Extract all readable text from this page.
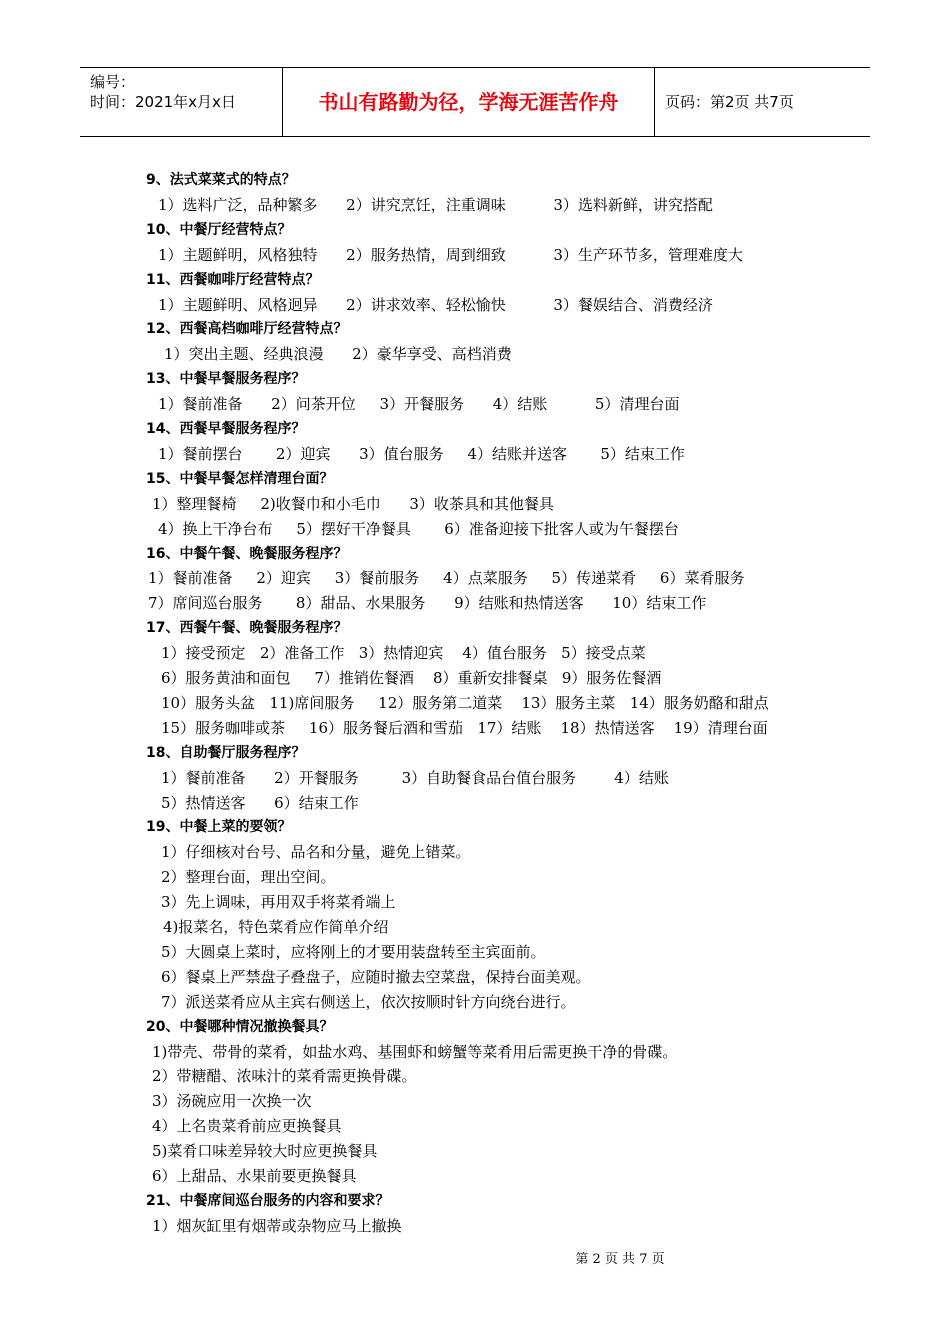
编号：
时间：2021年x月x日	书山有路勤为径，学海无涯苦作舟	页码：第2页 共7页
9、法式菜菜式的特点？
1）选料广泛，品种繁多      2）讲究烹饪，注重调味          3）选料新鲜，讲究搭配
10、中餐厅经营特点？
1）主题鲜明，风格独特      2）服务热情，周到细致          3）生产环节多，管理难度大
11、西餐咖啡厅经营特点？
1）主题鲜明、风格迥异      2）讲求效率、轻松愉快          3）餐娱结合、消费经济
12、西餐高档咖啡厅经营特点？
1）突出主题、经典浪漫      2）豪华享受、高档消费
13、中餐早餐服务程序？
1）餐前准备      2）问茶开位     3）开餐服务      4）结账          5）清理台面
14、西餐早餐服务程序？
1）餐前摆台       2）迎宾      3）值台服务     4）结账并送客       5）结束工作
15、中餐早餐怎样清理台面？
1）整理餐椅     2)收餐巾和小毛巾      3）收茶具和其他餐具
4）换上干净台布     5）摆好干净餐具       6）准备迎接下批客人或为午餐摆台
16、中餐午餐、晚餐服务程序？
1）餐前准备     2）迎宾     3）餐前服务     4）点菜服务     5）传递菜肴     6）菜肴服务
7）席间巡台服务       8）甜品、水果服务      9）结账和热情送客      10）结束工作
17、西餐午餐、晚餐服务程序？
1）接受预定   2）准备工作   3）热情迎宾    4）值台服务   5）接受点菜
6）服务黄油和面包     7）推销佐餐酒    8）重新安排餐桌   9）服务佐餐酒
10）服务头盆   11)席间服务     12）服务第二道菜    13）服务主菜   14）服务奶酪和甜点
15）服务咖啡或茶     16）服务餐后酒和雪茄   17）结账    18）热情送客    19）清理台面
18、自助餐厅服务程序？
1）餐前准备      2）开餐服务         3）自助餐食品台值台服务        4）结账
5）热情送客      6）结束工作
19、中餐上菜的要领？
1）仔细核对台号、品名和分量，避免上错菜。
2）整理台面，理出空间。
3）先上调味，再用双手将菜肴端上
4)报菜名，特色菜肴应作简单介绍
5）大圆桌上菜时，应将刚上的才要用装盘转至主宾面前。
6）餐桌上严禁盘子叠盘子，应随时撤去空菜盘，保持台面美观。
7）派送菜肴应从主宾右侧送上，依次按顺时针方向绕台进行。
20、中餐哪种情况撤换餐具？
1)带壳、带骨的菜肴，如盐水鸡、基围虾和螃蟹等菜肴用后需更换干净的骨碟。
2）带糖醋、浓味汁的菜肴需更换骨碟。
3）汤碗应用一次换一次
4）上名贵菜肴前应更换餐具
5)菜肴口味差异较大时应更换餐具
6）上甜品、水果前要更换餐具
21、中餐席间巡台服务的内容和要求？
1）烟灰缸里有烟蒂或杂物应马上撤换
第 2 页 共 7 页
